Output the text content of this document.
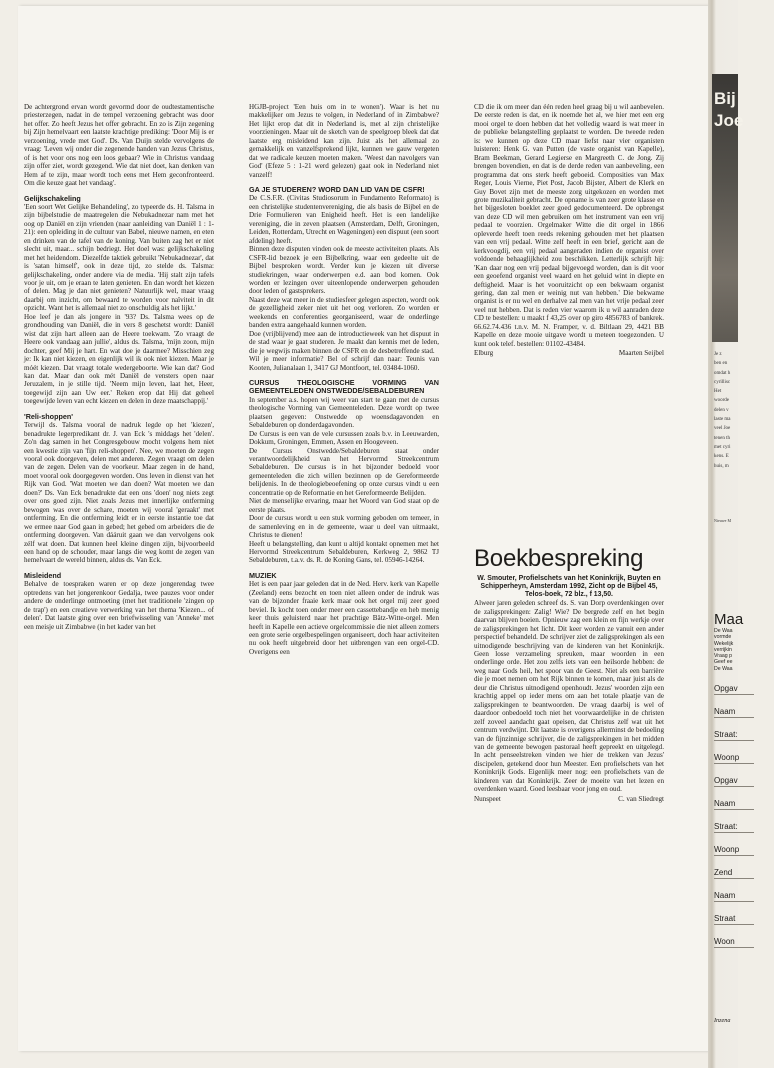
De achtergrond ervan wordt gevormd door de oudtestamentische priesterzegen, nadat in de tempel verzoening gebracht was door het offer. Zo heeft Jezus het offer gebracht. En zo is Zijn zegening bij Zijn hemelvaart een laatste krachtige prediking: 'Door Mij is er verzoening, vrede met God'. Ds. Van Duijn stelde vervolgens de vraag: 'Leven wij onder die zegenende handen van Jezus Christus, of is het voor ons nog een loos gebaar? Wie in Christus vandaag zijn offer ziet, wordt gezegend. Wie dat niet doet, kan denken van Hem af te zijn, maar wordt toch eens met Hem geconfronteerd. Om die keuze gaat het vandaag'.

Gelijkschakeling

'Een soort Wet Gelijke Behandeling', zo typeerde ds. H. Talsma in zijn bijbelstudie de maatregelen die Nebukadnezar nam met het oog op Daniël en zijn vrienden (naar aanleiding van Daniël 1 : 1-21): een opleiding in de cultuur van Babel, nieuwe namen, en eten en drinken van de tafel van de koning. Van buiten zag het er niet slecht uit, maar... schijn bedriegt. Het doel was: gelijkschakeling met het heidendom. Diezelfde taktiek gebruikt 'Nebukadnezar', dat is 'satan himself', ook in deze tijd, zo stelde ds. Talsma: gelijkschakeling, onder andere via de media. 'Hij stalt zijn tafels voor je uit, om je eraan te laten genieten. En dan wordt het kiezen of delen. Mag je dan niet genieten? Natuurlijk wel, maar vraag daarbij om inzicht, om bewaard te worden voor naïviteit in dit opzicht. Want het is allemaal niet zo onschuldig als het lijkt.'

Hoe leef je dan als jongere in '93? Ds. Talsma wees op de grondhouding van Daniël, die in vers 8 geschetst wordt: Daniël wist dat zijn hart alleen aan de Heere toekwam. 'Zo vraagt de Heere ook vandaag aan jullie', aldus ds. Talsma, 'mijn zoon, mijn dochter, geef Mij je hart. En wat doe je daarmee? Misschien zeg je: Ik kan niet kiezen, en eigenlijk wil ik ook niet kiezen. Maar je móét kiezen. Dat vraagt totale wedergeboorte. Wie kan dat? God kan dat. Maar dan ook mét Daniël de vensters open naar Jeruzalem, in je stille tijd. 'Neem mijn leven, laat het, Heer, toegewijd zijn aan Uw eer.' Reken erop dat Hij dat geheel toegewijde leven van echt kiezen en delen in deze maatschappij.'

'Reli-shoppen'

Terwijl ds. Talsma vooral de nadruk legde op het 'kiezen', benadrukte legerpredikant dr. J. van Eck 's middags het 'delen'. Zo'n dag samen in het Congresgebouw mocht volgens hem niet een kwestie zijn van 'fijn reli-shoppen'. Nee, we moeten de zegen vooral ook doorgeven, delen met anderen. Zegen vraagt om delen van de zegen. Delen van de voorkeur. Maar zegen in de hand, moet vooral ook doorgegeven worden. Ons leven in dienst van het Rijk van God. 'Wat moeten we dan doen? Wat moeten we dan doen?' Ds. Van Eck benadrukte dat een ons 'doen' nog niets zegt over ons goed zijn. Niet zoals Jezus met innerlijke ontferming bewogen was over de schare, moeten wij vooral 'geraakt' met ontferming. En die ontferming leidt er in eerste instantie toe dat we ermee naar God gaan in gebed; het gebed om arbeiders die de ontferming doorgeven. Van dááruit gaan we dan vervolgens ook zélf wat doen. Dat kunnen heel kleine dingen zijn, bijvoorbeeld een hand op de schouder, maar langs die weg komt de zegen van hemelvaart de wereld binnen, aldus ds. Van Eck.

Misleidend

Behalve de toespraken waren er op deze jongerendag twee optredens van het jongerenkoor Gedalja, twee pauzes voor onder andere de onderlinge ontmoeting (met het traditionele 'zingen op de trap') en een creatieve verwerking van het thema 'Kiezen... of delen'. Dat laatste ging over een briefwisseling van 'Anneke' met een meisje uit Zimbabwe (in het kader van het

HGJB-project 'Een huis om in te wonen'). Waar is het nu makkelijker om Jezus te volgen, in Nederland of in Zimbabwe? Het lijkt erop dat dit in Nederland is, met al zijn christelijke voorzieningen. Maar uit de sketch van de speelgroep bleek dat dat laatste erg misleidend kan zijn. Juist als het allemaal zo gemakkelijk en vanzelfsprekend lijkt, kunnen we gauw vergeten dat we radicale keuzen moeten maken. 'Weest dan navolgers van God' (Efeze 5 : 1-21 werd gelezen) gaat ook in Nederland niet vanzelf!

GA JE STUDEREN? WORD DAN LID VAN DE CSFR!

De C.S.F.R. (Civitas Studiosorum in Fundamento Reformato) is een christelijke studentenvereniging, die als basis de Bijbel en de Drie Formulieren van Enigheid heeft. Het is een landelijke vereniging, die in zeven plaatsen (Amsterdam, Delft, Groningen, Leiden, Rotterdam, Utrecht en Wageningen) een dispuut (een soort afdeling) heeft.

Binnen deze disputen vinden ook de meeste activiteiten plaats. Als CSFR-lid bezoek je een Bijbelkring, waar een gedeelte uit de Bijbel besproken wordt. Verder kun je kiezen uit diverse studiekringen, waar onderwerpen e.d. aan bod komen. Ook worden er lezingen over uiteenlopende onderwerpen gehouden door leden of gastsprekers.

Naast deze wat meer in de studiesfeer gelegen aspecten, wordt ook de gezelligheid zeker niet uit het oog verloren. Zo worden er weekends en conferenties georganiseerd, waar de onderlinge banden extra aangehaald kunnen worden.

Doe (vrijblijvend) mee aan de introductieweek van het dispuut in de stad waar je gaat studeren. Je maakt dan kennis met de leden, die je wegwijs maken binnen de CSFR en de desbetreffende stad.

Wil je meer informatie? Bel of schrijf dan naar: Teunis van Kooten, Julianalaan 1, 3417 GJ Montfoort, tel. 03484-1060.

CURSUS THEOLOGISCHE VORMING VAN GEMEENTELEDEN ONSTWEDDE/SEBALDEBUREN

In september a.s. hopen wij weer van start te gaan met de cursus theologische Vorming van Gemeenteleden. Deze wordt op twee plaatsen gegeven: Onstwedde op woensdagavonden en Sebaldeburen op donderdagavonden.

De Cursus is een van de vele cursussen zoals b.v. in Leeuwarden, Dokkum, Groningen, Emmen, Assen en Hoogeveen.

De Cursus Onstwedde/Sebaldeburen staat onder verantwoordelijkheid van het Hervormd Streekcentrum Sebaldeburen. De cursus is in het bijzonder bedoeld voor gemeenteleden die zich willen bezinnen op de Gereformeerde belijdenis. In de theologiebeoefening op onze cursus vindt u een concentratie op de Reformatie en het Gereformeerde Belijden.

Niet de menselijke ervaring, maar het Woord van God staat op de eerste plaats.

Door de cursus wordt u een stuk vorming geboden om temeer, in de samenleving en in de gemeente, waar u deel van uitmaakt, Christus te dienen!

Heeft u belangstelling, dan kunt u altijd kontakt opnemen met het Hervormd Streekcentrum Sebaldeburen, Kerkweg 2, 9862 TJ Sebaldeburen, t.a.v. ds. R. de Koning Gans, tel. 05946-14264.

MUZIEK

Het is een paar jaar geleden dat in de Ned. Herv. kerk van Kapelle (Zeeland) eens bezocht en toen niet alleen onder de indruk was van de bijzonder fraaie kerk maar ook het orgel mij zeer goed beviel. Ik kocht toen onder meer een cassettebandje en heb menig keer thuis geluisterd naar het prachtige Bätz-Witte-orgel. Men heeft in Kapelle een actieve orgelcommissie die niet alleen zomers een grote serie orgelbespelingen organiseert, doch haar activiteiten nu ook heeft uitgebreid door het uitbrengen van een orgel-CD. Overigens een

CD die ik om meer dan één reden heel graag bij u wil aanbevelen. De eerste reden is dat, en ik noemde het al, we hier met een erg mooi orgel te doen hebben dat het volledig waard is wat meer in de publieke belangstelling geplaatst te worden. De tweede reden is: we kunnen op deze CD maar liefst naar vier organisten luisteren: Henk G. van Putten (de vaste organist van Kapelle), Bram Beekman, Gerard Legierse en Margreeth C. de Jong. Zij brengen bovendien, en dat is de derde reden van aanbeveling, een programma dat ons sterk heeft geboeid. Composities van Max Reger, Louis Vierne, Piet Post, Jacob Bijster, Albert de Klerk en Guy Bovet zijn met de meeste zorg uitgekozen en worden met grote muzikaliteit gebracht. De opname is van zeer grote klasse en het bijgesloten boeklet zeer goed gedocumenteerd. De opbrengst van deze CD wil men gebruiken om het instrument van een vrij pedaal te voorzien. Orgelmaker Witte die dit orgel in 1866 opleverde heeft toen reeds rekening gehouden met het plaatsen van een vrij pedaal. Witte zelf heeft in een brief, gericht aan de kerkvoogdij, een vrij pedaal aangeraden indien de organist over voldoende behaaglijkheid zou beschikken. Letterlijk schrijft hij: 'Kan daar nog een vrij pedaal bijgevoegd worden, dan is dit voor een geoefend organist veel waard en het geluid wint in diepte en deftigheid. Maar is het vooruitzicht op een bekwaam organist gering, dan zal men er weinig nut van hebben.' Die bekwame organist is er nu wel en derhalve zal men van het vrije pedaal zeer veel nut hebben. Dat is reden vier waarom ik u wil aanraden deze CD te bestellen: u maakt f 43,25 over op giro 4856783 of bankrek. 66.62.74.436 t.n.v. M. N. Framper, v. d. Biltlaan 29, 4421 BB Kapelle en deze mooie uitgave wordt u meteen toegezonden. U kunt ook telef. bestellen: 01102-43484.

Elburg	Maarten Seijbel
Boekbespreking

W. Smouter, Profielschets van het Koninkrijk, Buyten en Schipperheyn, Amsterdam 1992, Zicht op de Bijbel 45, Telos-boek, 72 blz., f 13,50.

Alweer jaren geleden schreef ds. S. van Dorp overdenkingen over de zaligsprekingen: Zalig! Wie? De bergrede zelf en het begin daarvan blijven boeien. Opnieuw zag een klein en fijn werkje over de zaligsprekingen het licht. Dit keer worden ze vanuit een ander perspectief behandeld. De schrijver ziet de zaligsprekingen als een uitnodigende beschrijving van de kinderen van het Koninkrijk. Geen losse verzameling spreuken, maar woorden in een onderlinge orde. Het zou zelfs iets van een heilsorde hebben: de weg naar Gods heil, het spoor van de Geest. Niet als een barrière die je moet nemen om het Rijk binnen te komen, maar juist als de deur die Christus uitnodigend openhoudt. Jezus' woorden zijn een krachtig appel op ieder mens om aan het totale plaatje van de zaligsprekingen te beantwoorden. De vraag daarbij is wel of daardoor onbedoeld toch niet het voorwaardelijke in de christen zelf zoveel aandacht gaat opeisen, dat Christus zelf wat uit het centrum verdwijnt. Dit laatste is overigens allerminst de bedoeling van de fijnzinnige schrijver, die de zaligsprekingen in het midden van de gemeente bewogen pastoraal heeft gepreekt en uitgelegd. In acht penseelstreken vinden we hier de trekken van Jezus' discipelen, getekend door hun Meester. Een profielschets van het Koninkrijk Gods. Eigenlijk meer nog: een profielschets van de kinderen van dat Koninkrijk. Zeer de moeite van het lezen en overdenken waard. Goed leesbaar voor jong en oud.

Nunspeet	C. van Sliedregt
Bij
Joe
Je z
ben en
omdat h
cyrillisc
Het
woorde
delen v
laste ma
veel Joe
tenen th
met cyri
kens. E
huis, m
Nieuwe M
Maa
De Waa
vormde
Wekelijk
verrijkin
Vraag p
Geef ee
De Waa
Opgav
Naam
Straat:
Woonp
Opgav
Naam
Straat:
Woonp
Zend
Naam
Straat
Woon
Inzena
